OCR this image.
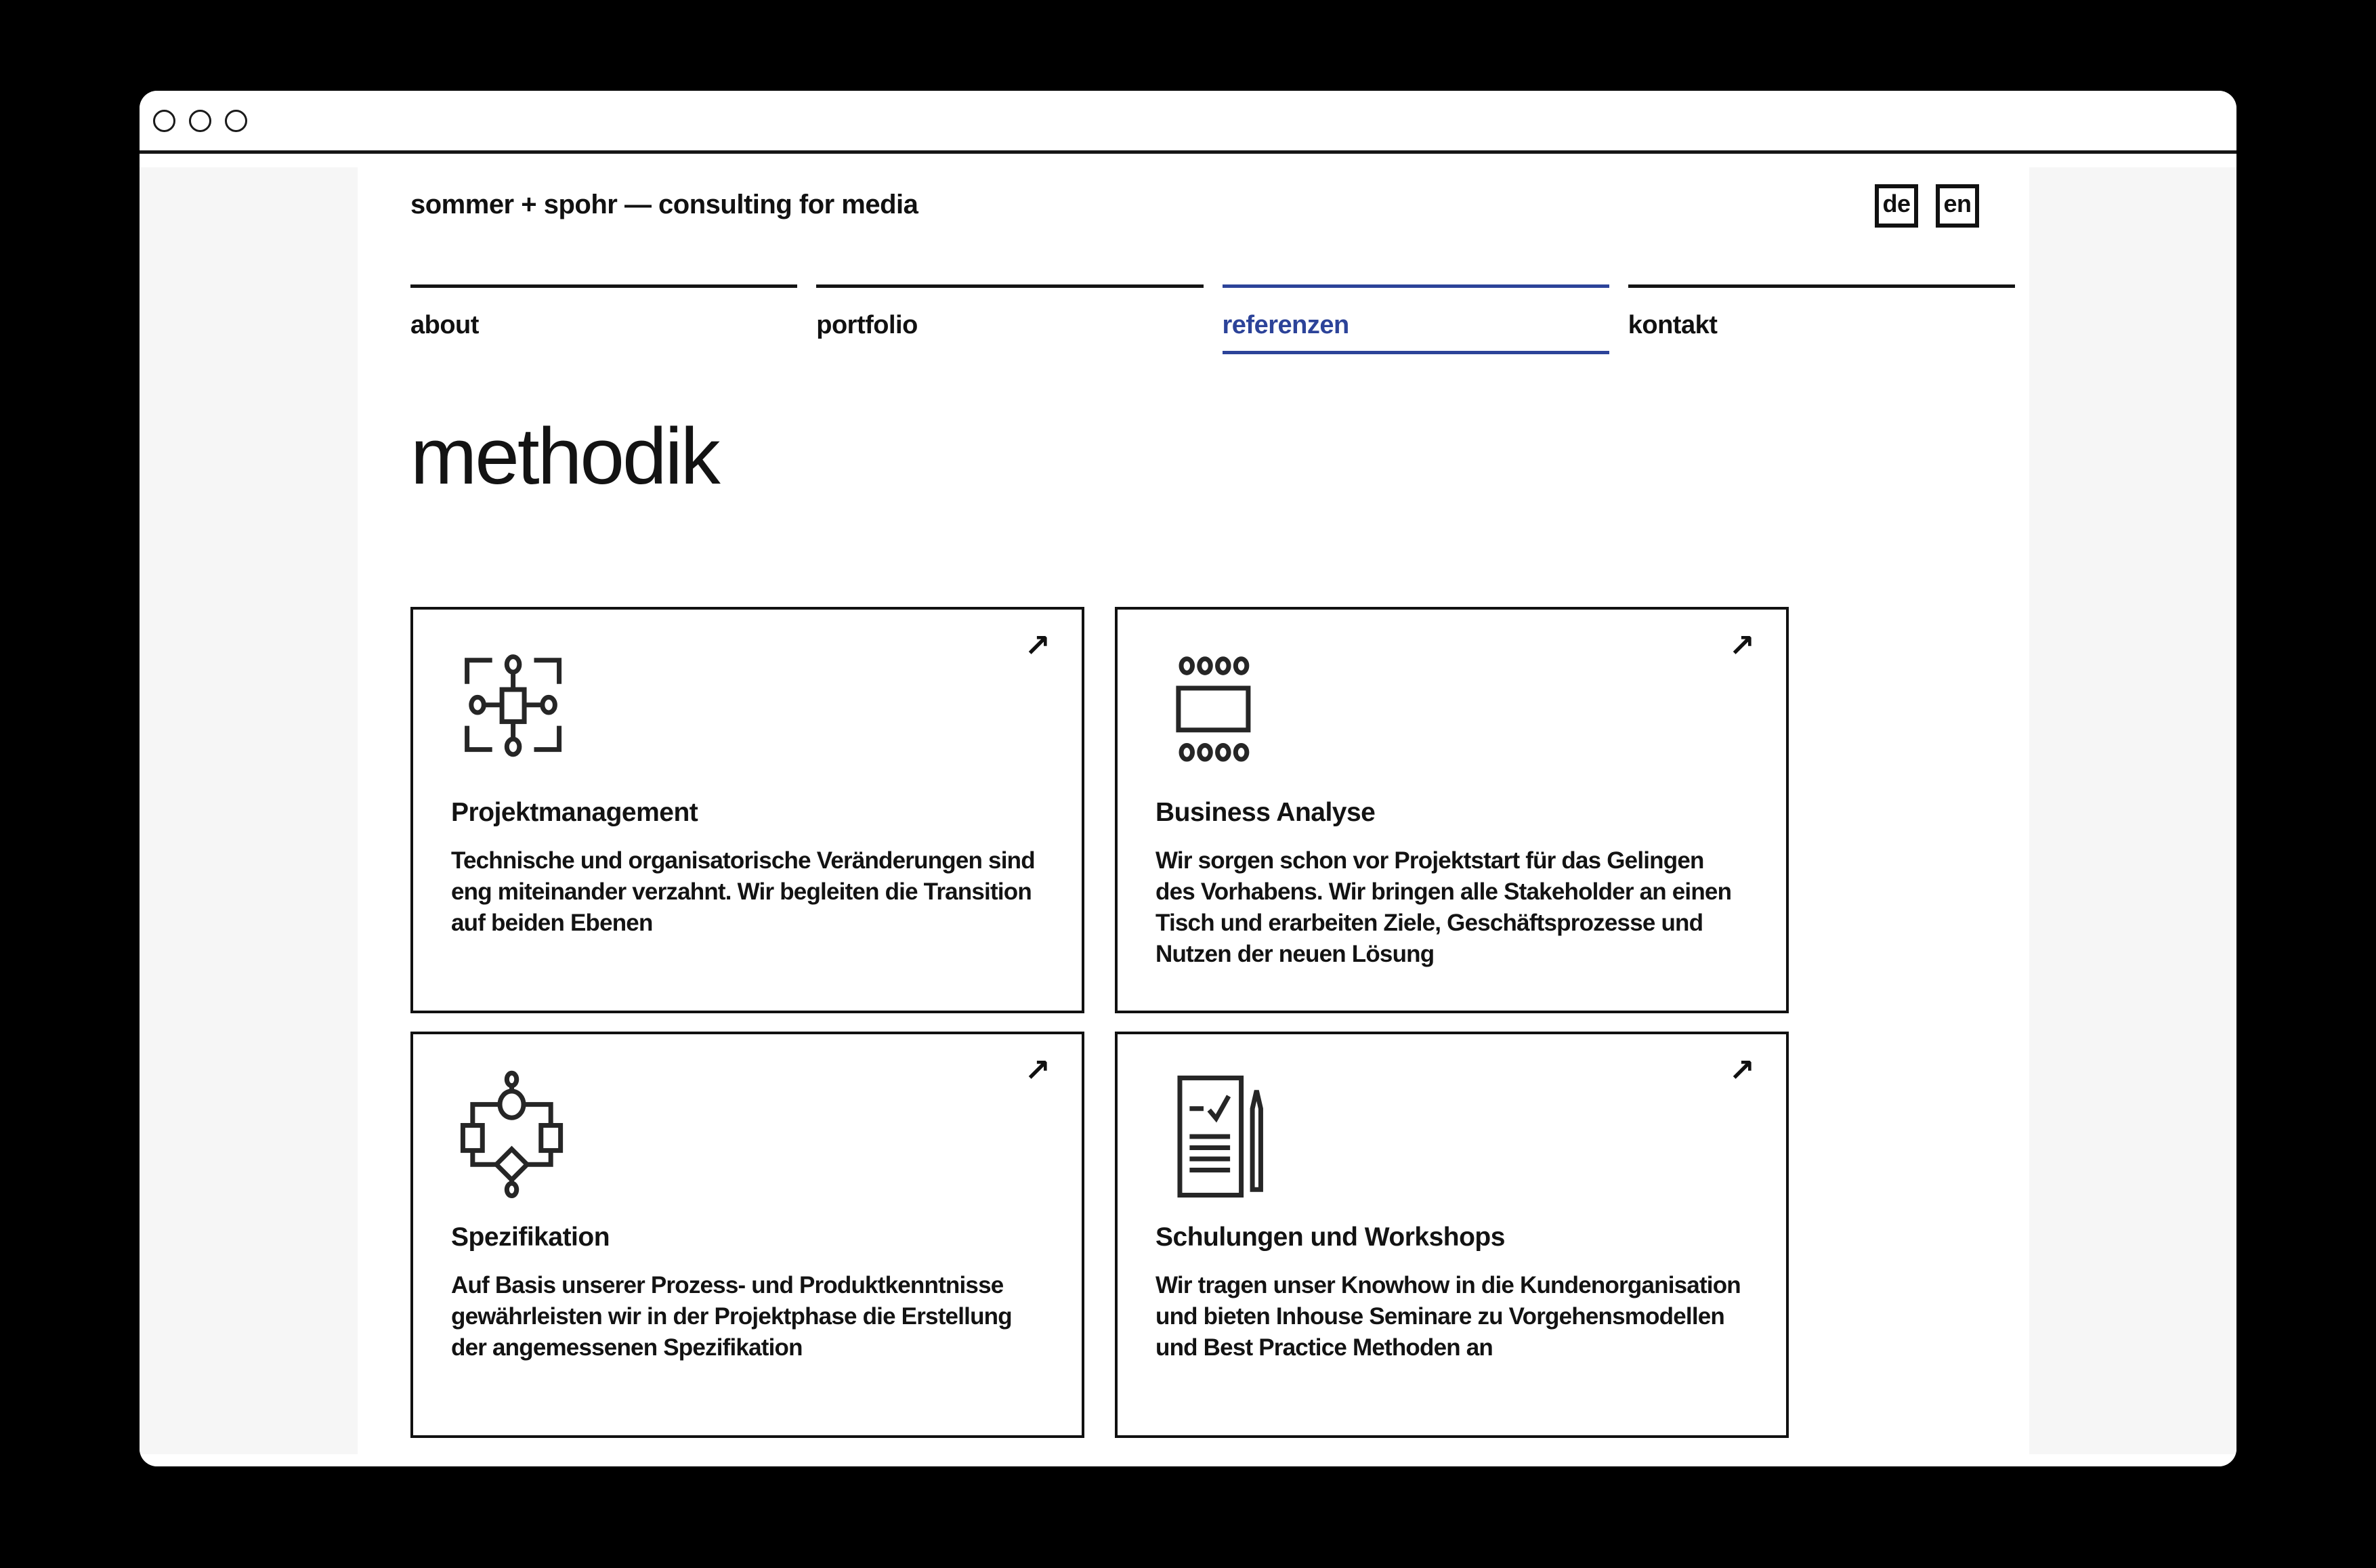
sommer + spohr — consulting for media	de	en
about	portfolio	referenzen	kontakt
methodik
↗
Projektmanagement

Technische und organisatorische Veränderungen sind eng miteinander verzahnt. Wir begleiten die Transition auf beiden Ebenen

↗
Business Analyse

Wir sorgen schon vor Projektstart für das Gelingen des Vorhabens. Wir bringen alle Stakeholder an einen Tisch und erarbeiten Ziele, Geschäftsprozesse und Nutzen der neuen Lösung

↗
Spezifikation

Auf Basis unserer Prozess- und Produktkenntnisse gewährleisten wir in der Projektphase die Erstellung der angemessenen Spezifikation

↗
Schulungen und Workshops

Wir tragen unser Knowhow in die Kundenorganisation und bieten Inhouse Seminare zu Vorgehensmodellen und Best Practice Methoden an
